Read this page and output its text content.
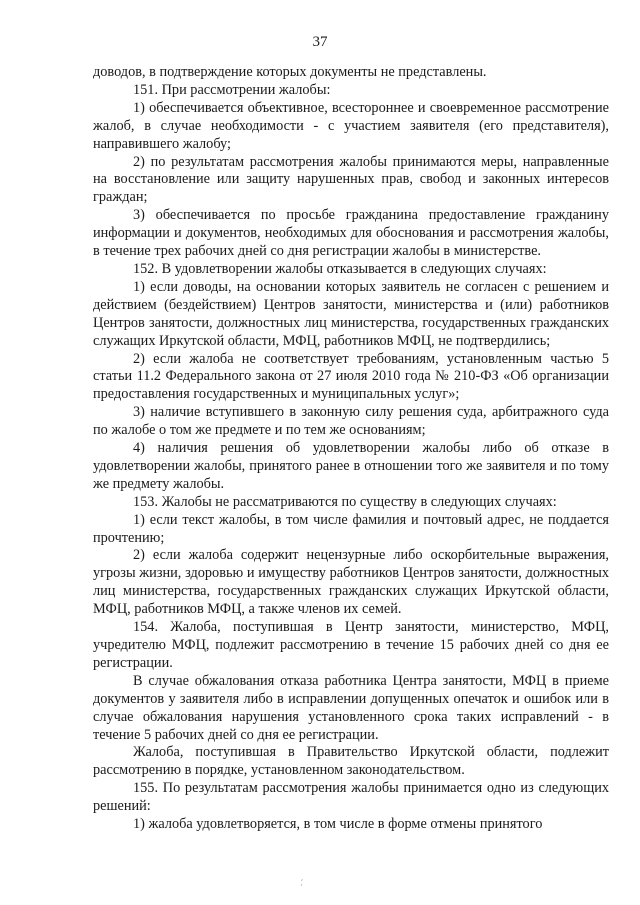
37

доводов, в подтверждение которых документы не представлены.

151. При рассмотрении жалобы:

1) обеспечивается объективное, всестороннее и своевременное рассмотрение жалоб, в случае необходимости - с участием заявителя (его представителя), направившего жалобу;

2) по результатам рассмотрения жалобы принимаются меры, направленные на восстановление или защиту нарушенных прав, свобод и законных интересов граждан;

3) обеспечивается по просьбе гражданина предоставление гражданину информации и документов, необходимых для обоснования и рассмотрения жалобы, в течение трех рабочих дней со дня регистрации жалобы в министерстве.

152. В удовлетворении жалобы отказывается в следующих случаях:

1) если доводы, на основании которых заявитель не согласен с решением и действием (бездействием) Центров занятости, министерства и (или) работников Центров занятости, должностных лиц министерства, государственных гражданских служащих Иркутской области, МФЦ, работников МФЦ, не подтвердились;

2) если жалоба не соответствует требованиям, установленным частью 5 статьи 11.2 Федерального закона от 27 июля 2010 года № 210-ФЗ «Об организации предоставления государственных и муниципальных услуг»;

3) наличие вступившего в законную силу решения суда, арбитражного суда по жалобе о том же предмете и по тем же основаниям;

4) наличия решения об удовлетворении жалобы либо об отказе в удовлетворении жалобы, принятого ранее в отношении того же заявителя и по тому же предмету жалобы.

153. Жалобы не рассматриваются по существу в следующих случаях:

1) если текст жалобы, в том числе фамилия и почтовый адрес, не поддается прочтению;

2) если жалоба содержит нецензурные либо оскорбительные выражения, угрозы жизни, здоровью и имуществу работников Центров занятости, должностных лиц министерства, государственных гражданских служащих Иркутской области, МФЦ, работников МФЦ, а также членов их семей.

154. Жалоба, поступившая в Центр занятости, министерство, МФЦ, учредителю МФЦ, подлежит рассмотрению в течение 15 рабочих дней со дня ее регистрации.

В случае обжалования отказа работника Центра занятости, МФЦ в приеме документов у заявителя либо в исправлении допущенных опечаток и ошибок или в случае обжалования нарушения установленного срока таких исправлений - в течение 5 рабочих дней со дня ее регистрации.

Жалоба, поступившая в Правительство Иркутской области, подлежит рассмотрению в порядке, установленном законодательством.

155. По результатам рассмотрения жалобы принимается одно из следующих решений:

1) жалоба удовлетворяется, в том числе в форме отмены принятого

·́
